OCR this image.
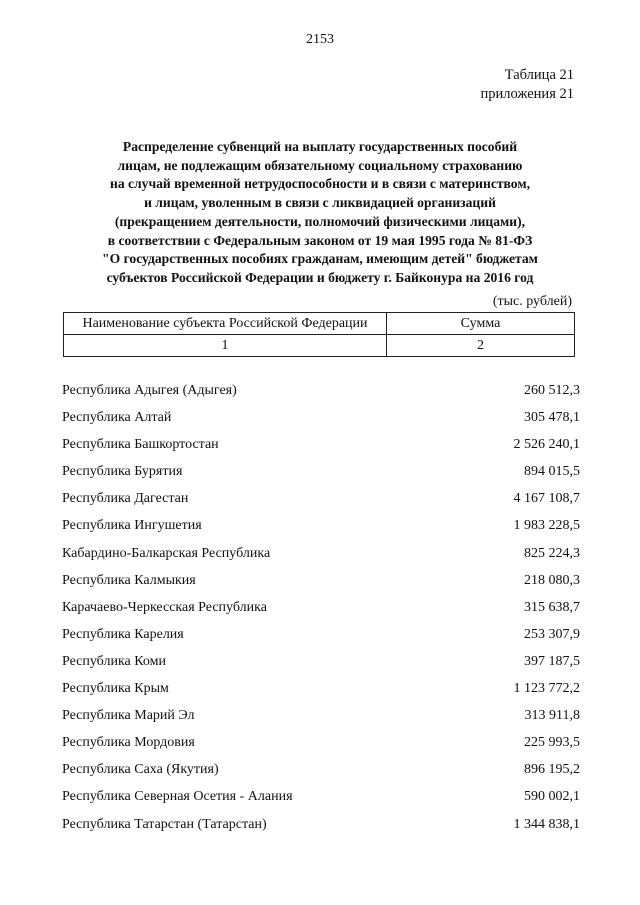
2153
Таблица 21
приложения 21
Распределение субвенций на выплату государственных пособий
лицам, не подлежащим обязательному социальному страхованию
на случай временной нетрудоспособности и в связи с материнством,
и лицам, уволенным в связи с ликвидацией организаций
(прекращением деятельности, полномочий физическими лицами),
в соответствии с Федеральным законом от 19 мая 1995 года № 81-ФЗ
"О государственных пособиях гражданам, имеющим детей" бюджетам
субъектов Российской Федерации и бюджету г. Байконура на 2016 год
(тыс. рублей)
Наименование субъекта Российской Федерации	Сумма
1	2
Республика Адыгея (Адыгея)	260 512,3
Республика Алтай	305 478,1
Республика Башкортостан	2 526 240,1
Республика Бурятия	894 015,5
Республика Дагестан	4 167 108,7
Республика Ингушетия	1 983 228,5
Кабардино-Балкарская Республика	825 224,3
Республика Калмыкия	218 080,3
Карачаево-Черкесская Республика	315 638,7
Республика Карелия	253 307,9
Республика Коми	397 187,5
Республика Крым	1 123 772,2
Республика Марий Эл	313 911,8
Республика Мордовия	225 993,5
Республика Саха (Якутия)	896 195,2
Республика Северная Осетия - Алания	590 002,1
Республика Татарстан (Татарстан)	1 344 838,1
